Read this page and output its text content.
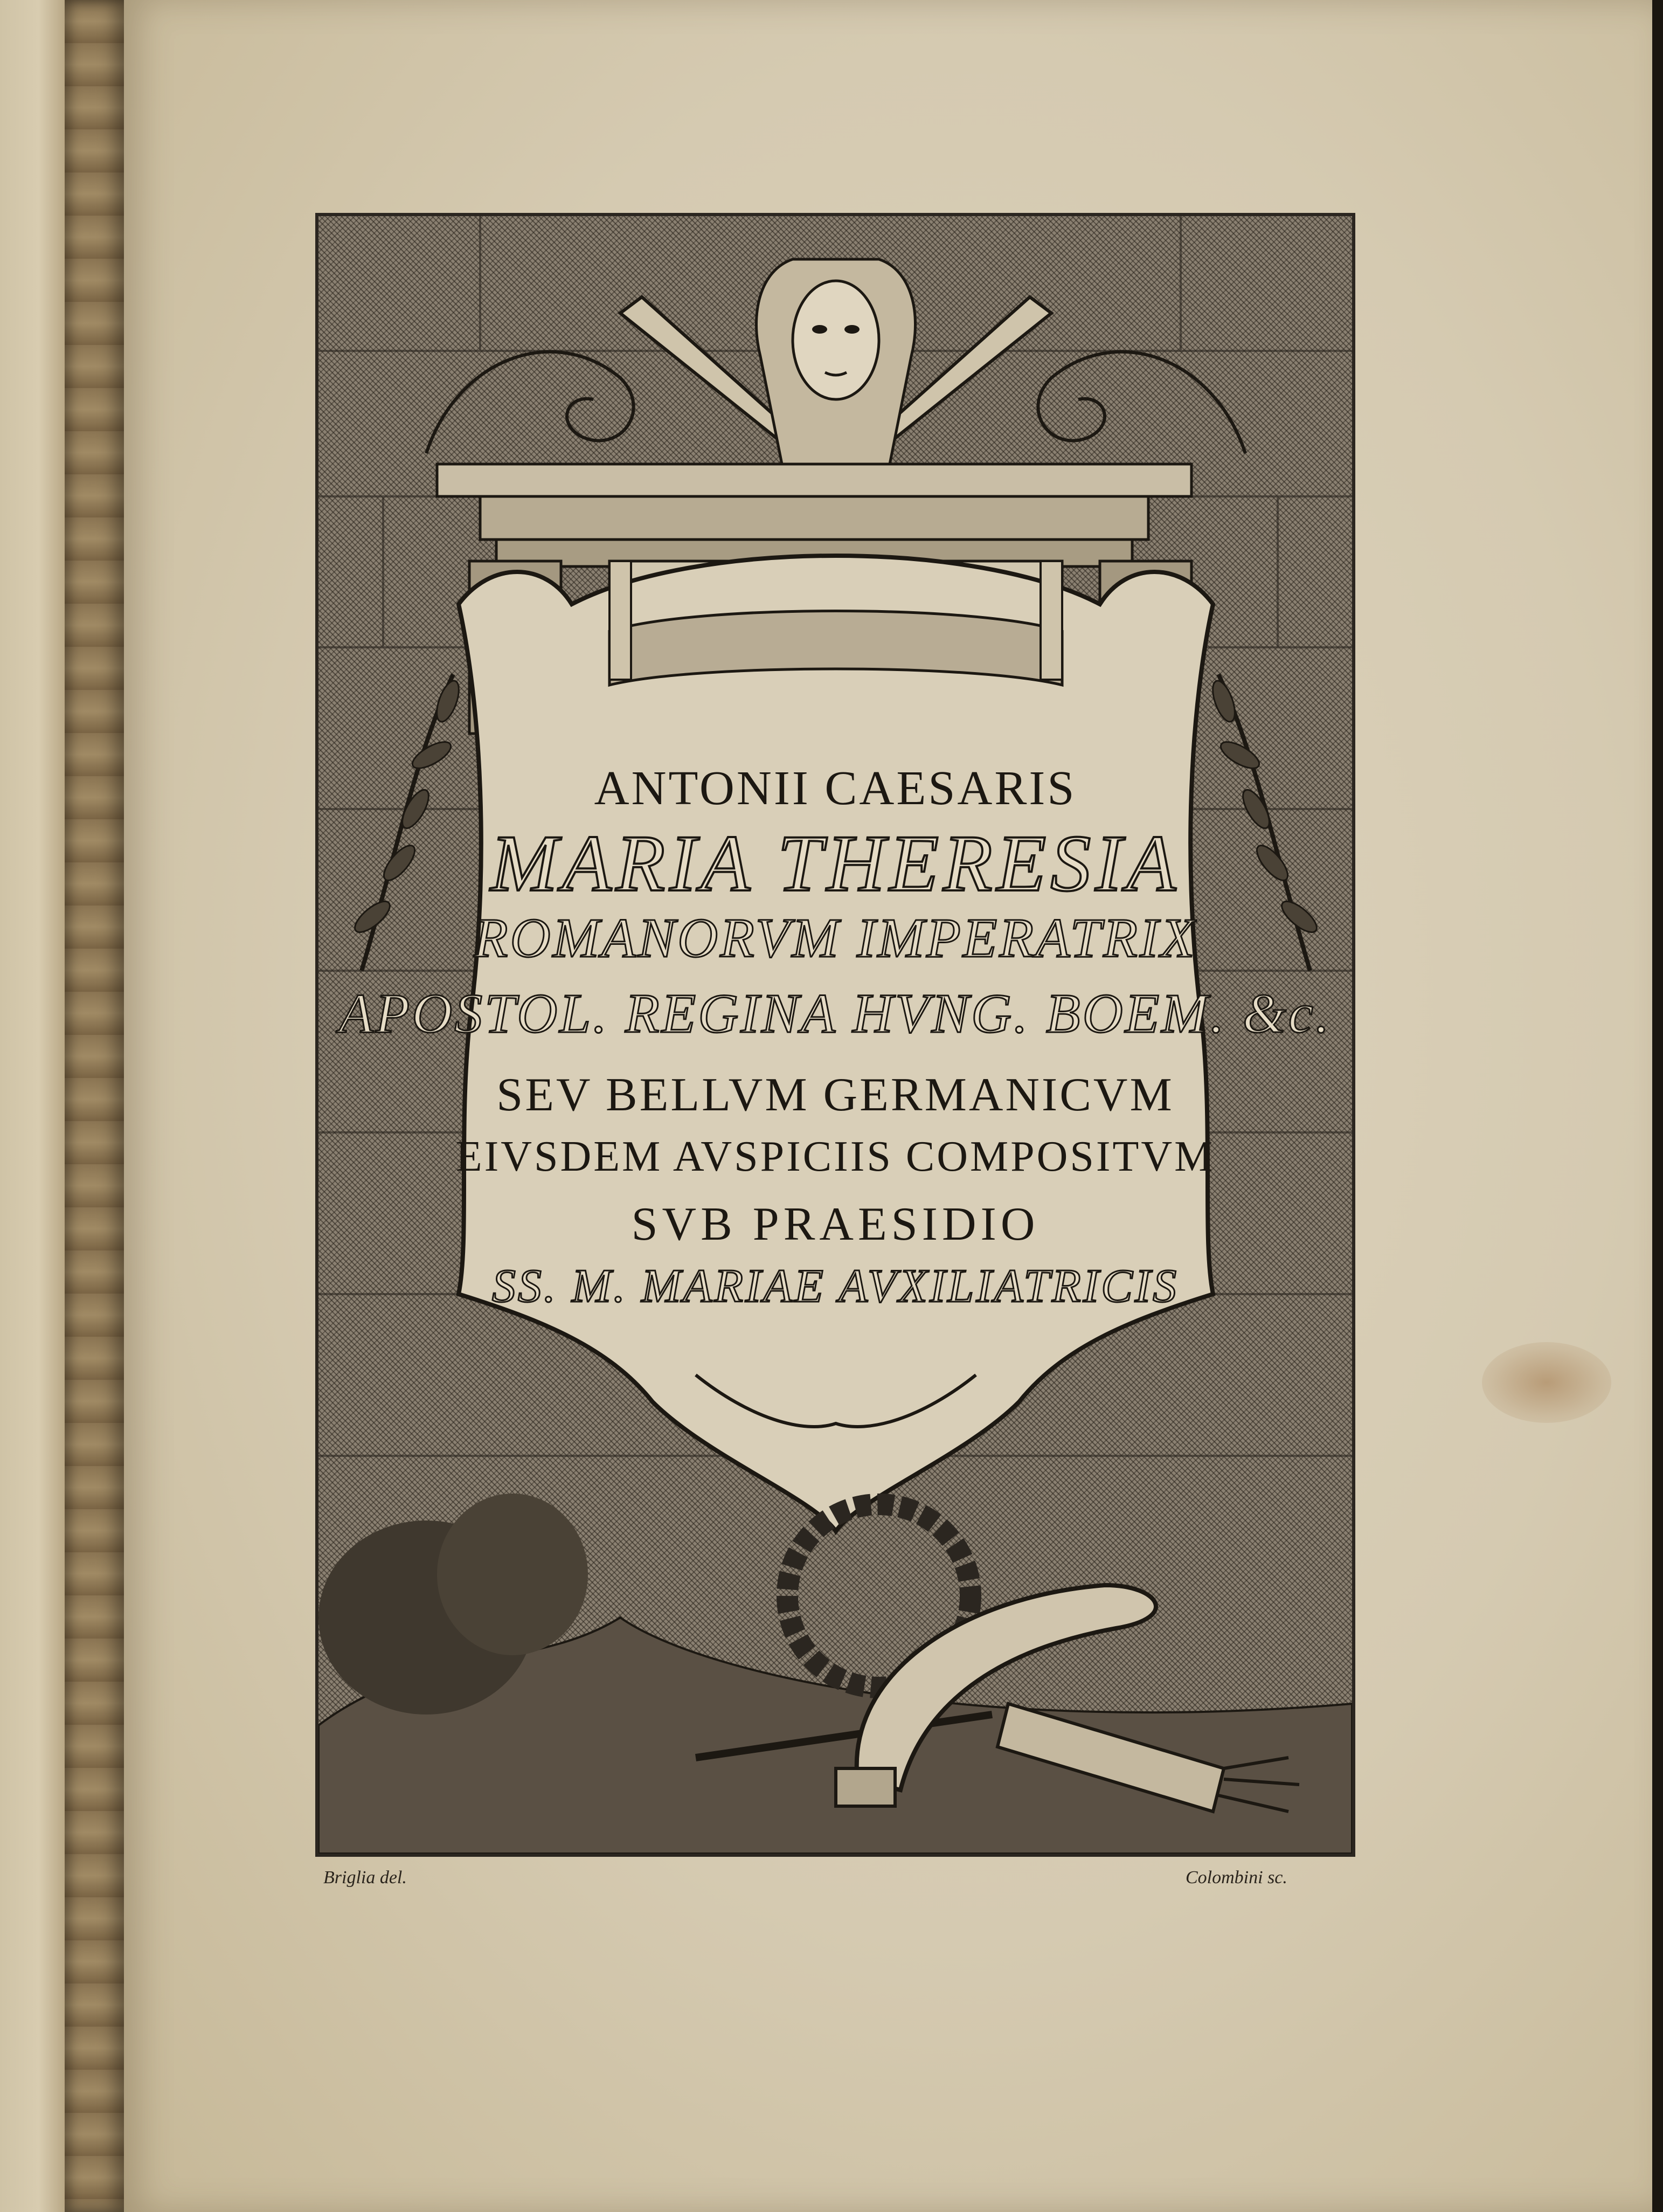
ANTONII CAESARIS
MARIA THERESIA
ROMANORVM IMPERATRIX
APOSTOL. REGINA HVNG. BOEM. &c.
SEV BELLVM GERMANICVM
EIVSDEM AVSPICIIS COMPOSITVM
SVB PRAESIDIO
SS. M. MARIAE AVXILIATRICIS
Briglia del.	Colombini sc.
